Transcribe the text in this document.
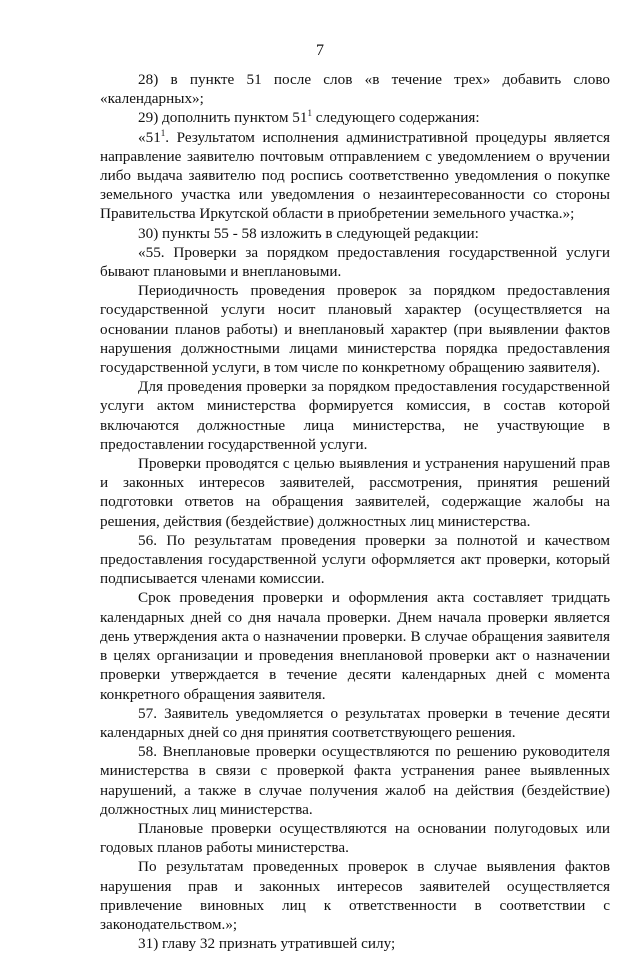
7

28) в пункте 51 после слов «в течение трех» добавить слово «календарных»;

29) дополнить пунктом $51^1$ следующего содержания:

«$51^1$. Результатом исполнения административной процедуры является направление заявителю почтовым отправлением с уведомлением о вручении либо выдача заявителю под роспись соответственно уведомления о покупке земельного участка или уведомления о незаинтересованности со стороны Правительства Иркутской области в приобретении земельного участка.»;

30) пункты 55 - 58 изложить в следующей редакции:

«55. Проверки за порядком предоставления государственной услуги бывают плановыми и внеплановыми.

Периодичность проведения проверок за порядком предоставления государственной услуги носит плановый характер (осуществляется на основании планов работы) и внеплановый характер (при выявлении фактов нарушения должностными лицами министерства порядка предоставления государственной услуги, в том числе по конкретному обращению заявителя).

Для проведения проверки за порядком предоставления государственной услуги актом министерства формируется комиссия, в состав которой включаются должностные лица министерства, не участвующие в предоставлении государственной услуги.

Проверки проводятся с целью выявления и устранения нарушений прав и законных интересов заявителей, рассмотрения, принятия решений подготовки ответов на обращения заявителей, содержащие жалобы на решения, действия (бездействие) должностных лиц министерства.

56. По результатам проведения проверки за полнотой и качеством предоставления государственной услуги оформляется акт проверки, который подписывается членами комиссии.

Срок проведения проверки и оформления акта составляет тридцать календарных дней со дня начала проверки. Днем начала проверки является день утверждения акта о назначении проверки. В случае обращения заявителя в целях организации и проведения внеплановой проверки акт о назначении проверки утверждается в течение десяти календарных дней с момента конкретного обращения заявителя.

57. Заявитель уведомляется о результатах проверки в течение десяти календарных дней со дня принятия соответствующего решения.

58. Внеплановые проверки осуществляются по решению руководителя министерства в связи с проверкой факта устранения ранее выявленных нарушений, а также в случае получения жалоб на действия (бездействие) должностных лиц министерства.

Плановые проверки осуществляются на основании полугодовых или годовых планов работы министерства.

По результатам проведенных проверок в случае выявления фактов нарушения прав и законных интересов заявителей осуществляется привлечение виновных лиц к ответственности в соответствии с законодательством.»;

31) главу 32 признать утратившей силу;
